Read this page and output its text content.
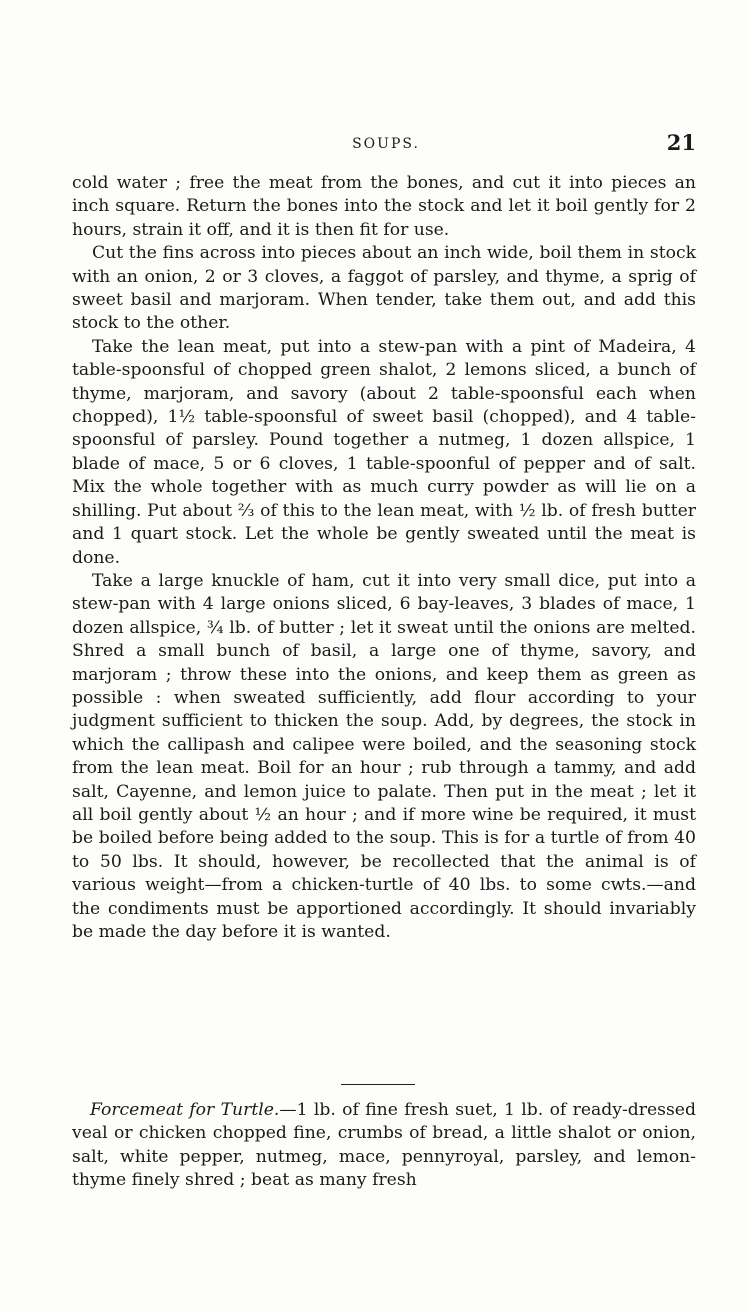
SOUPS.	21

cold water ; free the meat from the bones, and cut it into pieces an inch square. Return the bones into the stock and let it boil gently for 2 hours, strain it off, and it is then fit for use.

Cut the fins across into pieces about an inch wide, boil them in stock with an onion, 2 or 3 cloves, a faggot of parsley, and thyme, a sprig of sweet basil and marjoram. When tender, take them out, and add this stock to the other.

Take the lean meat, put into a stew-pan with a pint of Madeira, 4 table-spoonsful of chopped green shalot, 2 lemons sliced, a bunch of thyme, marjoram, and savory (about 2 table-spoonsful each when chopped), 1½ table-spoonsful of sweet basil (chopped), and 4 table-spoonsful of parsley. Pound together a nutmeg, 1 dozen allspice, 1 blade of mace, 5 or 6 cloves, 1 table-spoonful of pepper and of salt. Mix the whole together with as much curry powder as will lie on a shilling. Put about ⅔ of this to the lean meat, with ½ lb. of fresh butter and 1 quart stock. Let the whole be gently sweated until the meat is done.

Take a large knuckle of ham, cut it into very small dice, put into a stew-pan with 4 large onions sliced, 6 bay-leaves, 3 blades of mace, 1 dozen allspice, ¾ lb. of butter ; let it sweat until the onions are melted. Shred a small bunch of basil, a large one of thyme, savory, and marjoram ; throw these into the onions, and keep them as green as possible : when sweated sufficiently, add flour according to your judgment sufficient to thicken the soup. Add, by degrees, the stock in which the callipash and calipee were boiled, and the seasoning stock from the lean meat. Boil for an hour ; rub through a tammy, and add salt, Cayenne, and lemon juice to palate. Then put in the meat ; let it all boil gently about ½ an hour ; and if more wine be required, it must be boiled before being added to the soup. This is for a turtle of from 40 to 50 lbs. It should, however, be recollected that the animal is of various weight—from a chicken-turtle of 40 lbs. to some cwts.—and the condiments must be apportioned accordingly. It should invariably be made the day before it is wanted.

Forcemeat for Turtle.—1 lb. of fine fresh suet, 1 lb. of ready-dressed veal or chicken chopped fine, crumbs of bread, a little shalot or onion, salt, white pepper, nutmeg, mace, pennyroyal, parsley, and lemon-thyme finely shred ; beat as many fresh
